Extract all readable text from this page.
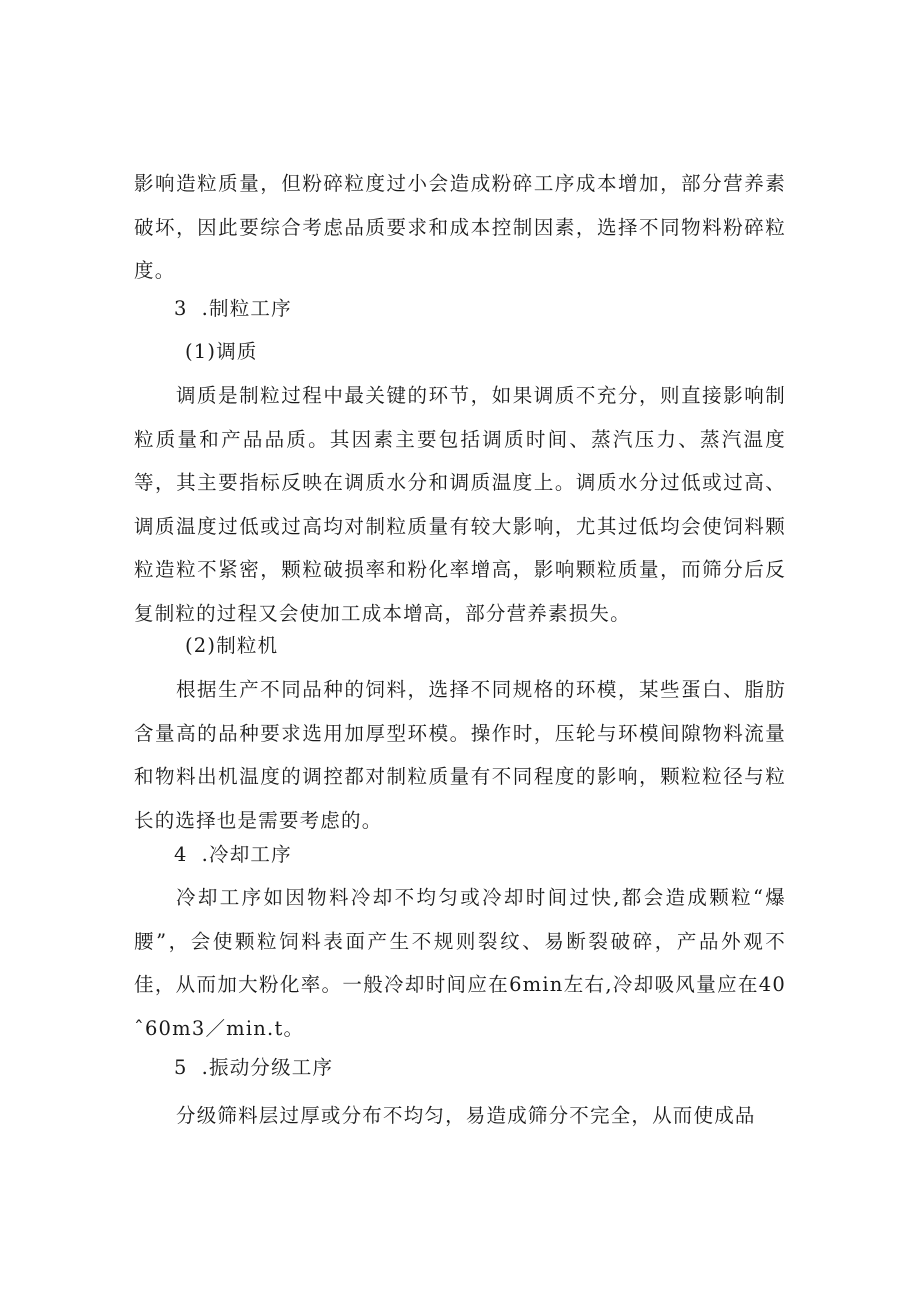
影响造粒质量，但粉碎粒度过小会造成粉碎工序成本增加，部分营养素破坏，因此要综合考虑品质要求和成本控制因素，选择不同物料粉碎粒度。

3 .制粒工序
(1)调质

调质是制粒过程中最关键的环节，如果调质不充分，则直接影响制粒质量和产品品质。其因素主要包括调质时间、蒸汽压力、蒸汽温度等，其主要指标反映在调质水分和调质温度上。调质水分过低或过高、调质温度过低或过高均对制粒质量有较大影响，尤其过低均会使饲料颗粒造粒不紧密，颗粒破损率和粉化率增高，影响颗粒质量，而筛分后反复制粒的过程又会使加工成本增高，部分营养素损失。

(2)制粒机

根据生产不同品种的饲料，选择不同规格的环模，某些蛋白、脂肪含量高的品种要求选用加厚型环模。操作时，压轮与环模间隙物料流量和物料出机温度的调控都对制粒质量有不同程度的影响，颗粒粒径与粒长的选择也是需要考虑的。

4 .冷却工序

冷却工序如因物料冷却不均匀或冷却时间过快,都会造成颗粒“爆腰”，会使颗粒饲料表面产生不规则裂纹、易断裂破碎，产品外观不佳，从而加大粉化率。一般冷却时间应在6min左右,冷却吸风量应在40ˆ60m3／min.t。

5 .振动分级工序

分级筛料层过厚或分布不均匀，易造成筛分不完全，从而使成品
